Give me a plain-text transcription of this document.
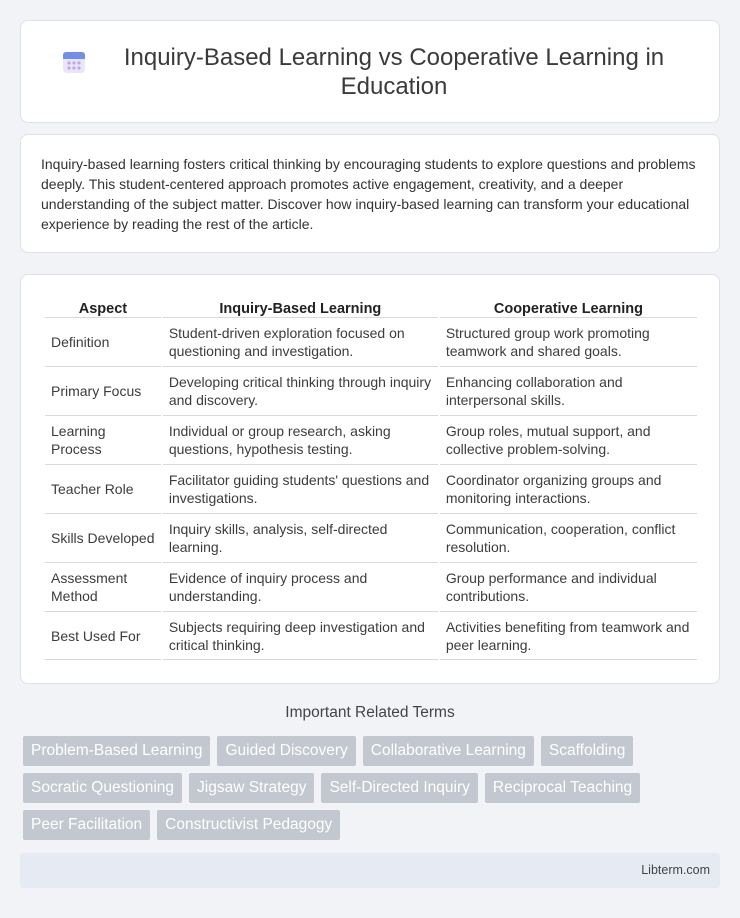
Inquiry-Based Learning vs Cooperative Learning in Education

Inquiry-based learning fosters critical thinking by encouraging students to explore questions and problems deeply. This student-centered approach promotes active engagement, creativity, and a deeper understanding of the subject matter. Discover how inquiry-based learning can transform your educational experience by reading the rest of the article.

Aspect	Inquiry-Based Learning	Cooperative Learning
Definition	Student-driven exploration focused on questioning and investigation.	Structured group work promoting teamwork and shared goals.
Primary Focus	Developing critical thinking through inquiry and discovery.	Enhancing collaboration and interpersonal skills.
Learning Process	Individual or group research, asking questions, hypothesis testing.	Group roles, mutual support, and collective problem-solving.
Teacher Role	Facilitator guiding students' questions and investigations.	Coordinator organizing groups and monitoring interactions.
Skills Developed	Inquiry skills, analysis, self-directed learning.	Communication, cooperation, conflict resolution.
Assessment Method	Evidence of inquiry process and understanding.	Group performance and individual contributions.
Best Used For	Subjects requiring deep investigation and critical thinking.	Activities benefiting from teamwork and peer learning.
Important Related Terms
Problem-Based Learning	Guided Discovery	Collaborative Learning	Scaffolding
Socratic Questioning	Jigsaw Strategy	Self-Directed Inquiry	Reciprocal Teaching
Peer Facilitation	Constructivist Pedagogy
Libterm.com
